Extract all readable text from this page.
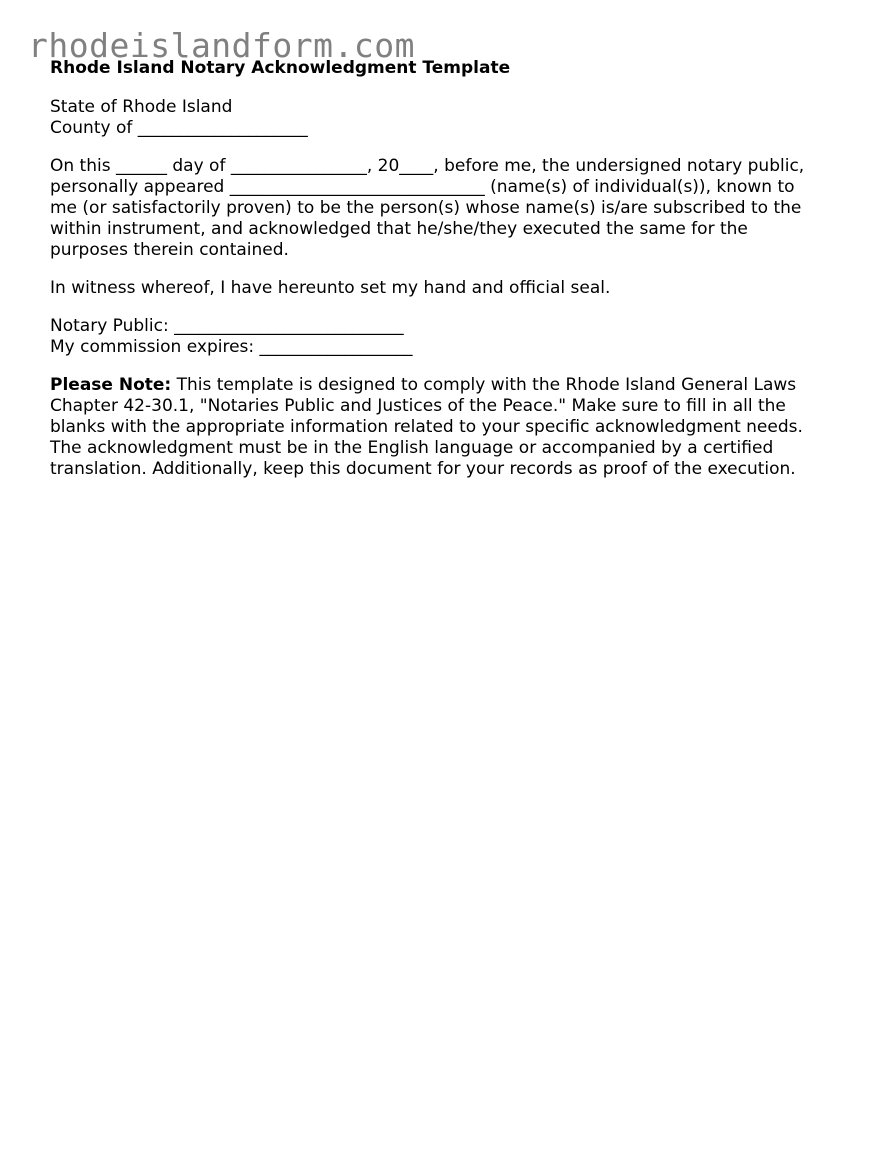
rhodeislandform.com
Rhode Island Notary Acknowledgment Template
State of Rhode Island
County of ____________________
On this ______ day of ________________, 20____, before me, the undersigned notary public,
personally appeared ______________________________ (name(s) of individual(s)), known to
me (or satisfactorily proven) to be the person(s) whose name(s) is/are subscribed to the
within instrument, and acknowledged that he/she/they executed the same for the
purposes therein contained.
In witness whereof, I have hereunto set my hand and official seal.
Notary Public: ___________________________
My commission expires: __________________
Please Note: This template is designed to comply with the Rhode Island General Laws
Chapter 42-30.1, "Notaries Public and Justices of the Peace." Make sure to fill in all the
blanks with the appropriate information related to your specific acknowledgment needs.
The acknowledgment must be in the English language or accompanied by a certified
translation. Additionally, keep this document for your records as proof of the execution.
